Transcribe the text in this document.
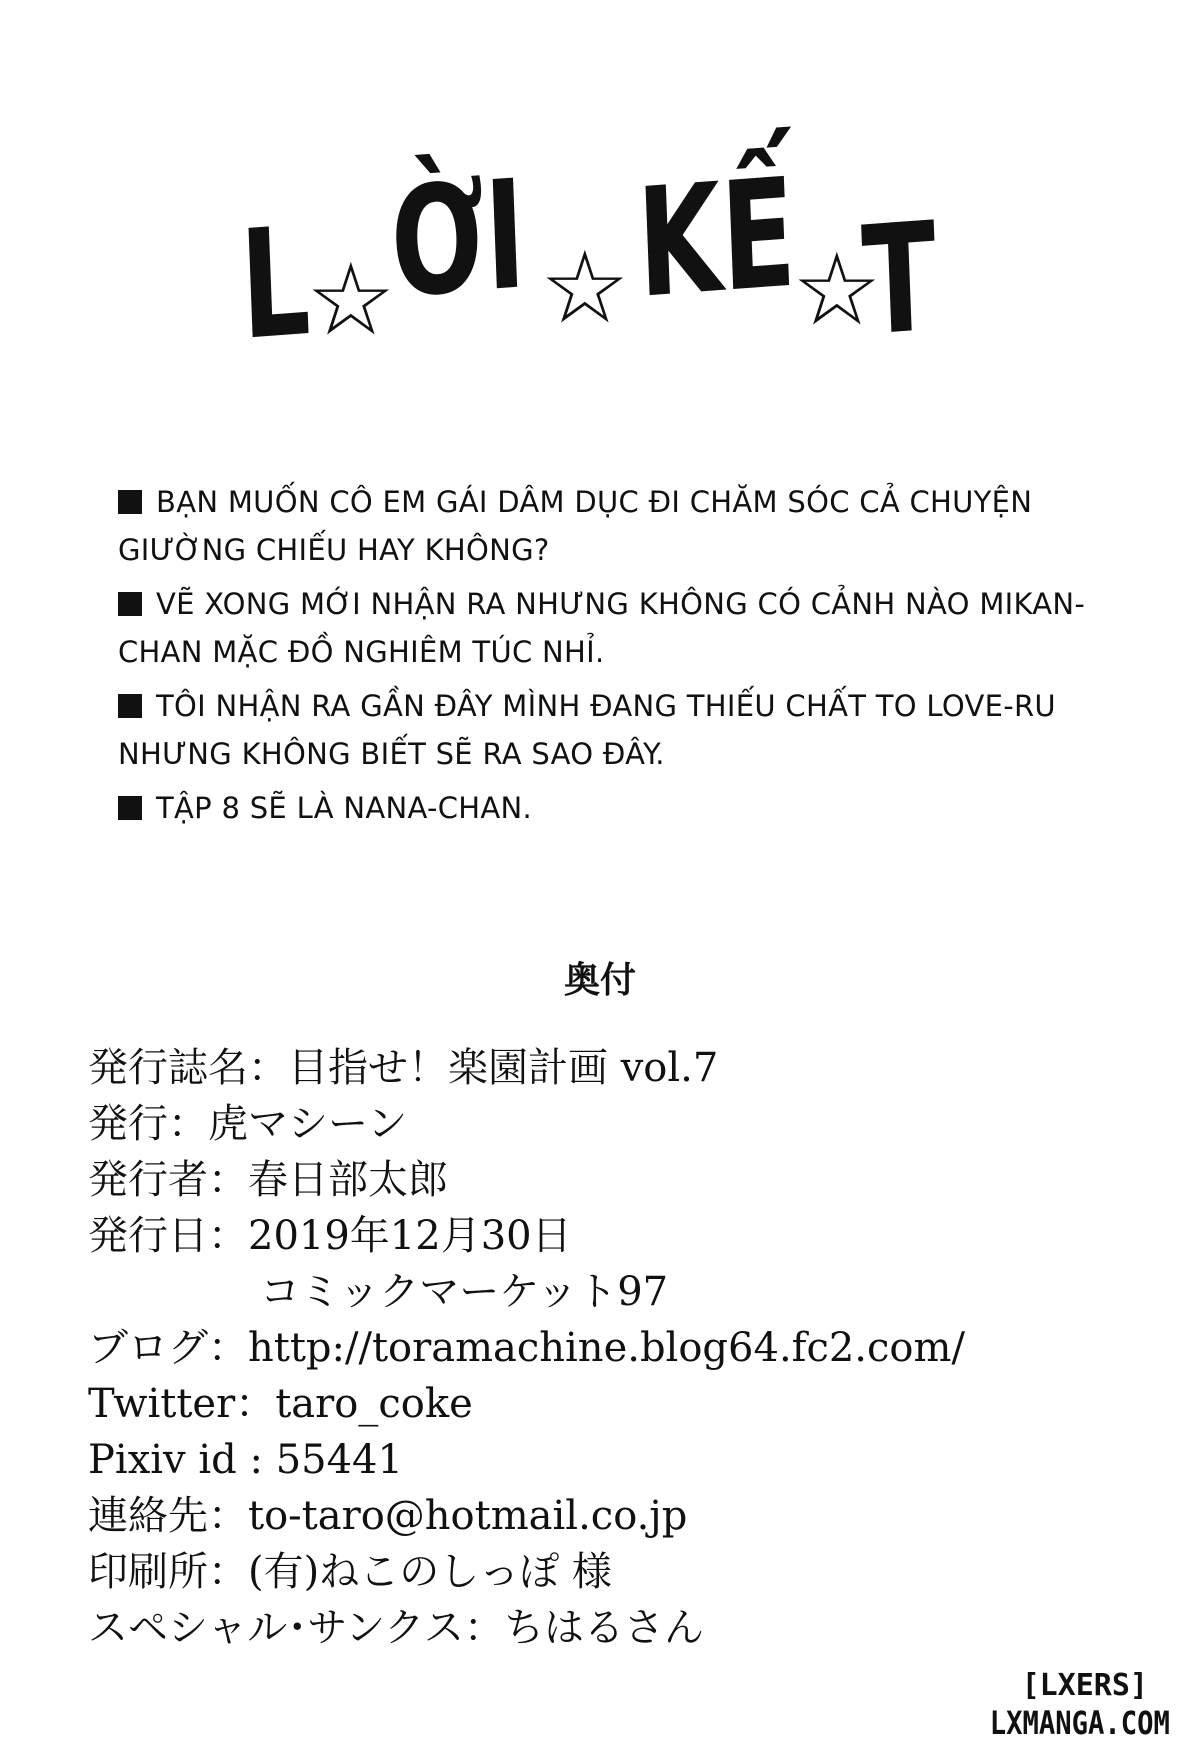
L
☆
ỜI ☆ KẾ
☆
T

BẠN MUỐN CÔ EM GÁI DÂM DỤC ĐI CHĂM SÓC CẢ CHUYỆN GIƯỜNG CHIẾU HAY KHÔNG?

VẼ XONG MỚI NHẬN RA NHƯNG KHÔNG CÓ CẢNH NÀO MIKAN-CHAN MẶC ĐỒ NGHIÊM TÚC NHỈ.

TÔI NHẬN RA GẦN ĐÂY MÌNH ĐANG THIẾU CHẤT TO LOVE-RU NHƯNG KHÔNG BIẾT SẼ RA SAO ĐÂY.

TẬP 8 SẼ LÀ NANA-CHAN.

奥付
発行誌名：目指せ！楽園計画 vol.7
発行：虎マシーン
発行者：春日部太郎
発行日：2019年12月30日
コミックマーケット97
ブログ：http://toramachine.blog64.fc2.com/
Twitter：taro_coke
Pixiv id : 55441
連絡先：to-taro@hotmail.co.jp
印刷所：(有)ねこのしっぽ 様
スペシャル･サンクス：ちはるさん
[LXERS]
LXMANGA.COM
